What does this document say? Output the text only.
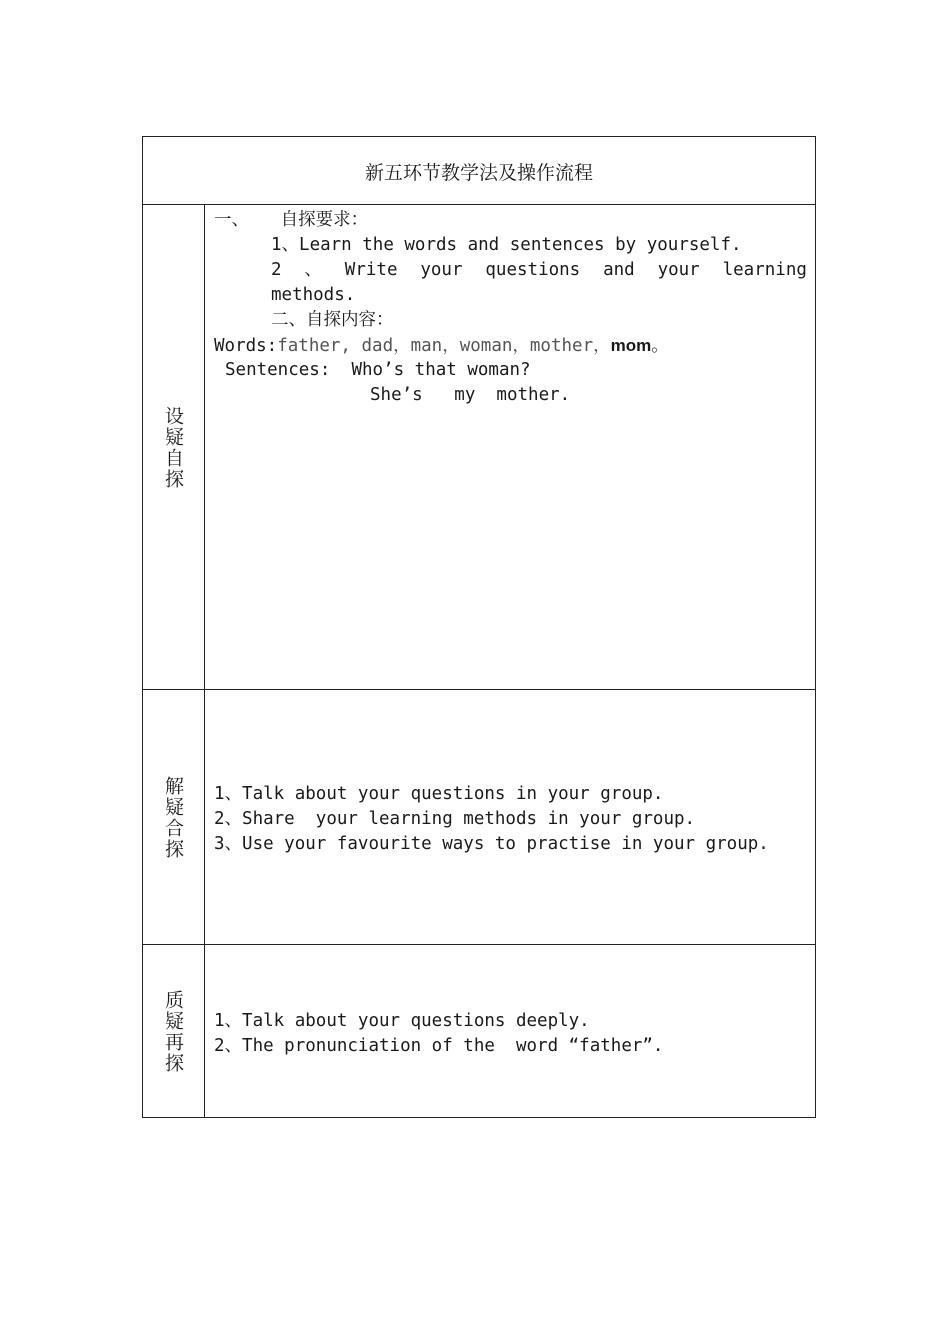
新五环节教学法及操作流程
设疑自探
一、 自探要求：
1、Learn the words and sentences by yourself.
2 、 Write your questions and your learning
methods.
二、自探内容：
Words:father, dad，man，woman，mother，mom。
Sentences: Who’s that woman?
She’s   my  mother.
解疑合探 1、Talk about your questions in your group.
2、Share  your learning methods in your group.
3、Use your favourite ways to practise in your group.
质疑再探 1、Talk about your questions deeply.
2、The pronunciation of the  word “father”.
